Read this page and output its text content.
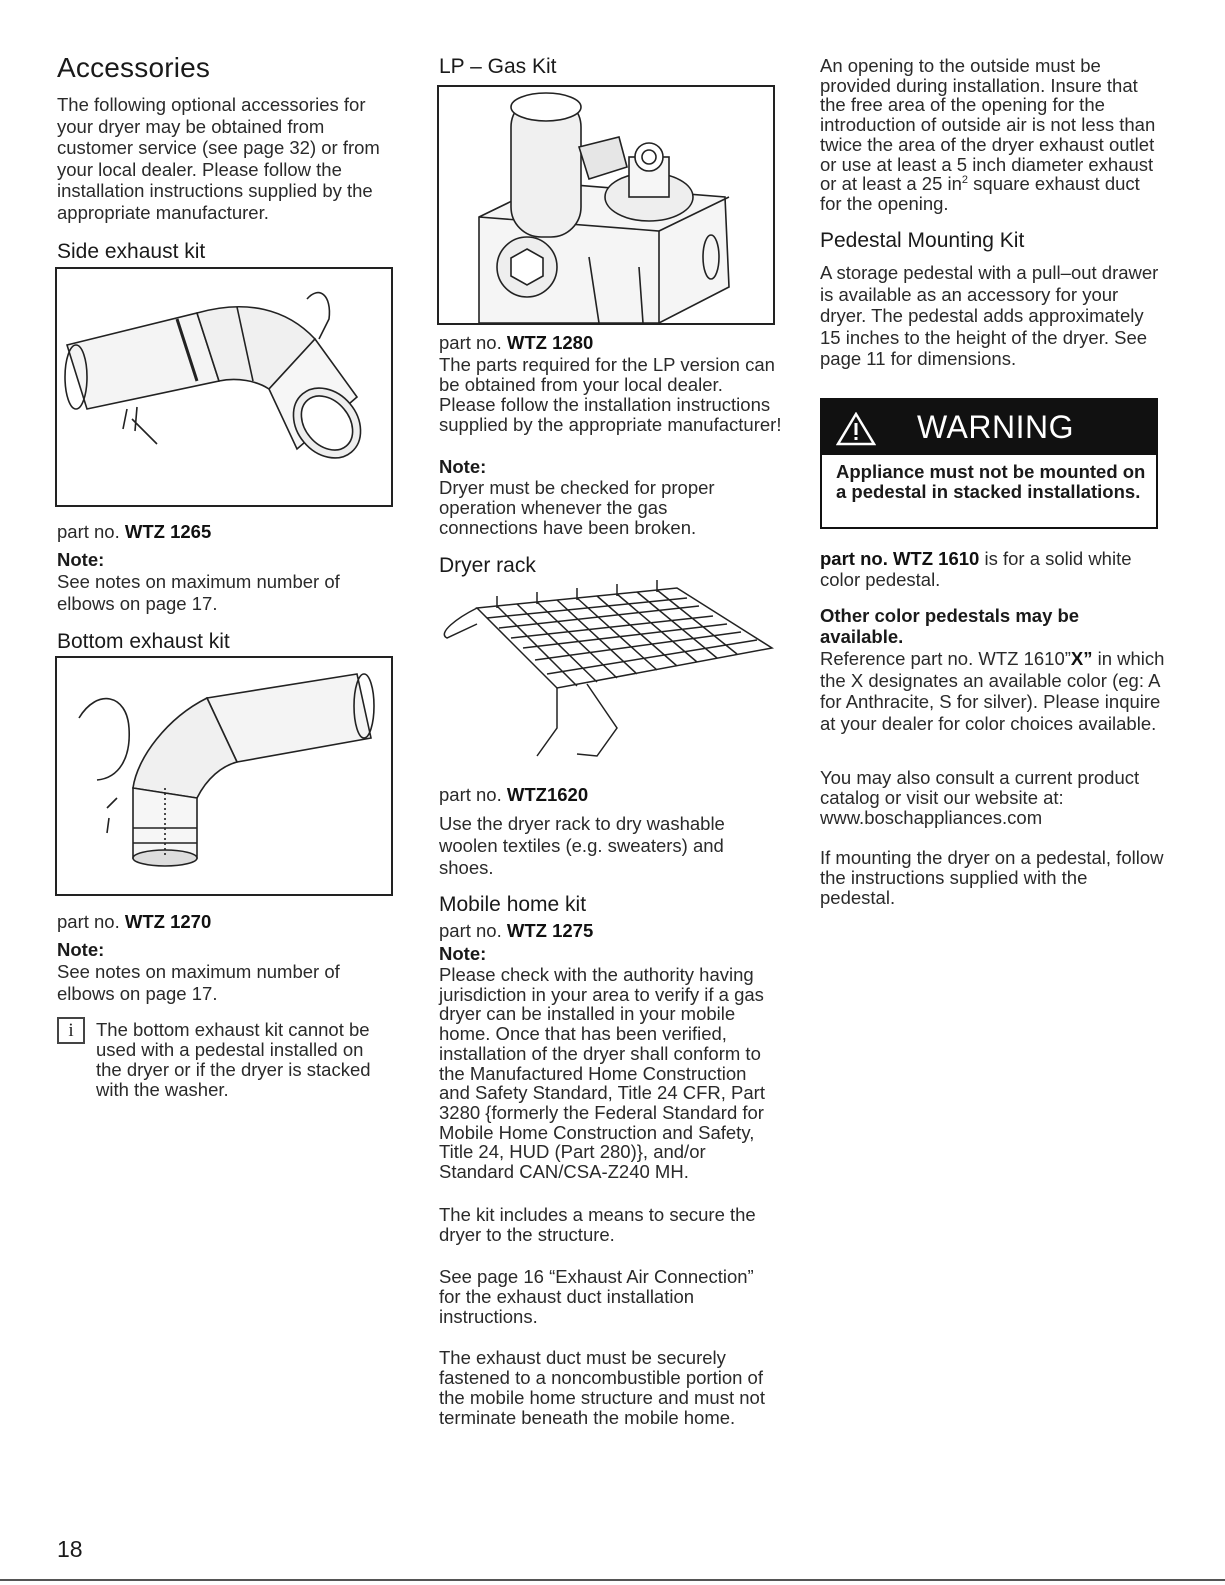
Accessories

The following optional accessories for your dryer may be obtained from customer service (see page 32) or from your local dealer. Please follow the installation instructions supplied by the appropriate manufacturer.

Side exhaust kit

part no. WTZ 1265

Note:

See notes on maximum number of elbows on page 17.

Bottom exhaust kit

part no. WTZ 1270

Note:

See notes on maximum number of elbows on page 17.

i	The bottom exhaust kit cannot be used with a pedestal installed on the dryer or if the dryer is stacked with the washer.

LP – Gas Kit

part no. WTZ 1280

The parts required for the LP version can be obtained from your local dealer. Please follow the installation instructions supplied by the appropriate manufacturer!

Note:

Dryer must be checked for proper operation whenever the gas connections have been broken.

Dryer rack

part no. WTZ1620

Use the dryer rack to dry washable woolen textiles (e.g. sweaters) and shoes.

Mobile home kit

part no. WTZ 1275

Note:

Please check with the authority having jurisdiction in your area to verify if a gas dryer can be installed in your mobile home. Once that has been verified, installation of the dryer shall conform to the Manufactured Home Construction and Safety Standard, Title 24 CFR, Part 3280 {formerly the Federal Standard for Mobile Home Construction and Safety, Title 24, HUD (Part 280)}, and/or Standard CAN/CSA-Z240 MH.

The kit includes a means to secure the dryer to the structure.

See page 16 “Exhaust Air Connection” for the exhaust duct installation instructions.

The exhaust duct must be securely fastened to a noncombustible portion of the mobile home structure and must not terminate beneath the mobile home.

An opening to the outside must be provided during installation. Insure that the free area of the opening for the introduction of outside air is not less than twice the area of the dryer exhaust outlet or use at least a 5 inch diameter exhaust or at least a 25 $in^2$ square exhaust duct for the opening.

Pedestal Mounting Kit

A storage pedestal with a pull–out drawer is available as an accessory for your dryer. The pedestal adds approximately 15 inches to the height of the dryer. See page 11 for dimensions.

WARNING
Appliance must not be mounted on a pedestal in stacked installations.

part no. WTZ 1610 is for a solid white color pedestal.

Other color pedestals may be available.

Reference part no. WTZ 1610”X” in which the X designates an available color (eg: A for Anthracite, S for silver). Please inquire at your dealer for color choices available.

You may also consult a current product catalog or visit our website at: www.boschappliances.com

If mounting the dryer on a pedestal, follow the instructions supplied with the pedestal.

18
